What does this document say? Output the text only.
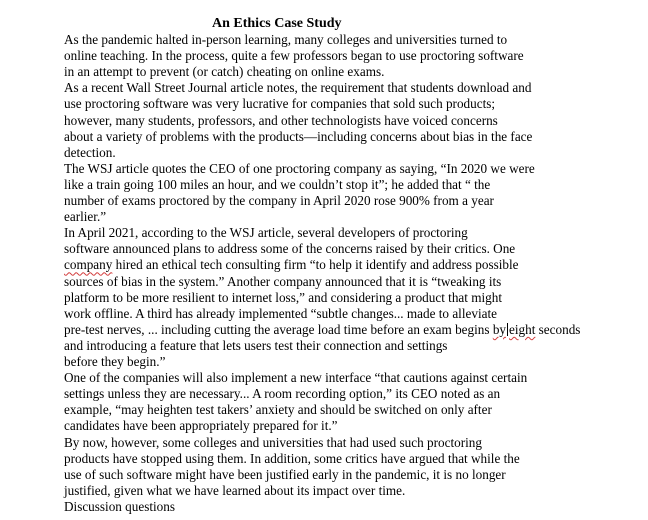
An Ethics Case Study
As the pandemic halted in-person learning, many colleges and universities turned to
online teaching. In the process, quite a few professors began to use proctoring software
in an attempt to prevent (or catch) cheating on online exams.
As a recent Wall Street Journal article notes, the requirement that students download and
use proctoring software was very lucrative for companies that sold such products;
however, many students, professors, and other technologists have voiced concerns
about a variety of problems with the products—including concerns about bias in the face
detection.
The WSJ article quotes the CEO of one proctoring company as saying, “In 2020 we were
like a train going 100 miles an hour, and we couldn’t stop it”; he added that “ the
number of exams proctored by the company in April 2020 rose 900% from a year
earlier.”
In April 2021, according to the WSJ article, several developers of proctoring
software announced plans to address some of the concerns raised by their critics. One
company hired an ethical tech consulting firm “to help it identify and address possible
sources of bias in the system.” Another company announced that it is “tweaking its
platform to be more resilient to internet loss,” and considering a product that might
work offline. A third has already implemented “subtle changes... made to alleviate
pre-test nerves, ... including cutting the average load time before an exam begins by eight seconds
and introducing a feature that lets users test their connection and settings
before they begin.”
One of the companies will also implement a new interface “that cautions against certain
settings unless they are necessary... A room recording option,” its CEO noted as an
example, “may heighten test takers’ anxiety and should be switched on only after
candidates have been appropriately prepared for it.”
By now, however, some colleges and universities that had used such proctoring
products have stopped using them. In addition, some critics have argued that while the
use of such software might have been justified early in the pandemic, it is no longer
justified, given what we have learned about its impact over time.
Discussion questions
